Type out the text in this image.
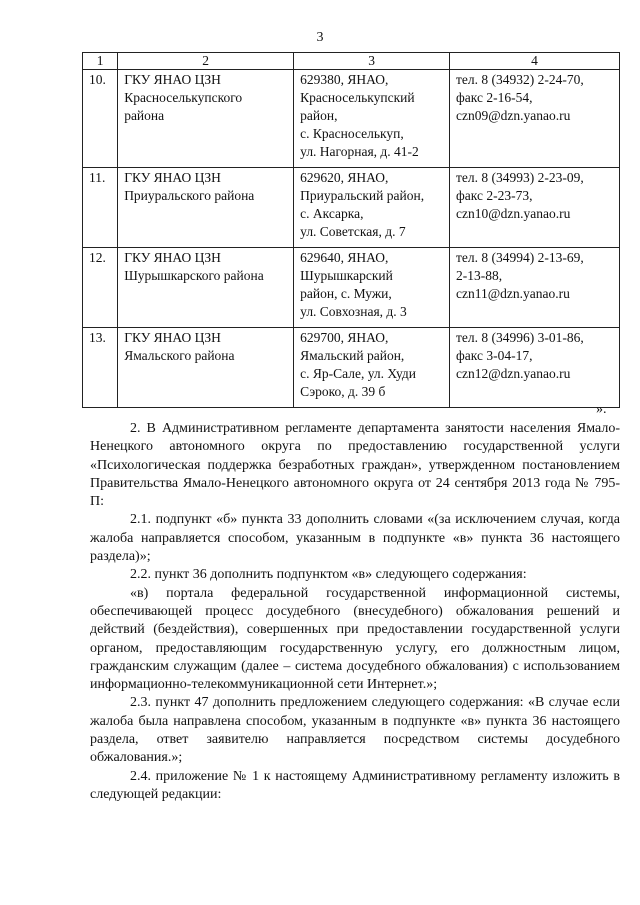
3
1	2	3	4
10.	ГКУ ЯНАО ЦЗН
Красноселькупского
района	629380, ЯНАО,
Красноселькупский
район,
с. Красноселькуп,
ул. Нагорная, д. 41-2	тел. 8 (34932) 2-24-70,
факс 2-16-54,
czn09@dzn.yanao.ru

11.	ГКУ ЯНАО ЦЗН
Приуральского района	629620, ЯНАО,
Приуральский район,
с. Аксарка,
ул. Советская, д. 7	тел. 8 (34993) 2-23-09,
факс 2-23-73,
czn10@dzn.yanao.ru

12.	ГКУ ЯНАО ЦЗН
Шурышкарского района	629640, ЯНАО,
Шурышкарский
район, с. Мужи,
ул. Совхозная, д. 3	тел. 8 (34994) 2-13-69,
2-13-88,
czn11@dzn.yanao.ru

13.	ГКУ ЯНАО ЦЗН
Ямальского района	629700, ЯНАО,
Ямальский район,
с. Яр-Сале, ул. Худи
Сэроко, д. 39 б	тел. 8 (34996) 3-01-86,
факс 3-04-17,
czn12@dzn.yanao.ru
».

2. В Административном регламенте департамента занятости населения Ямало-Ненецкого автономного округа по предоставлению государственной услуги «Психологическая поддержка безработных граждан», утвержденном постановлением Правительства Ямало-Ненецкого автономного округа от 24 сентября 2013 года № 795-П:

2.1. подпункт «б» пункта 33 дополнить словами «(за исключением случая, когда жалоба направляется способом, указанным в подпункте «в» пункта 36 настоящего раздела)»;

2.2. пункт 36 дополнить подпунктом «в» следующего содержания:

«в) портала федеральной государственной информационной системы, обеспечивающей процесс досудебного (внесудебного) обжалования решений и действий (бездействия), совершенных при предоставлении государственной услуги органом, предоставляющим государственную услугу, его должностным лицом, гражданским служащим (далее – система досудебного обжалования) с использованием информационно-телекоммуникационной сети Интернет.»;

2.3. пункт 47 дополнить предложением следующего содержания: «В случае если жалоба была направлена способом, указанным в подпункте «в» пункта 36 настоящего раздела, ответ заявителю направляется посредством системы досудебного обжалования.»;

2.4. приложение № 1 к настоящему Административному регламенту изложить в следующей редакции:
